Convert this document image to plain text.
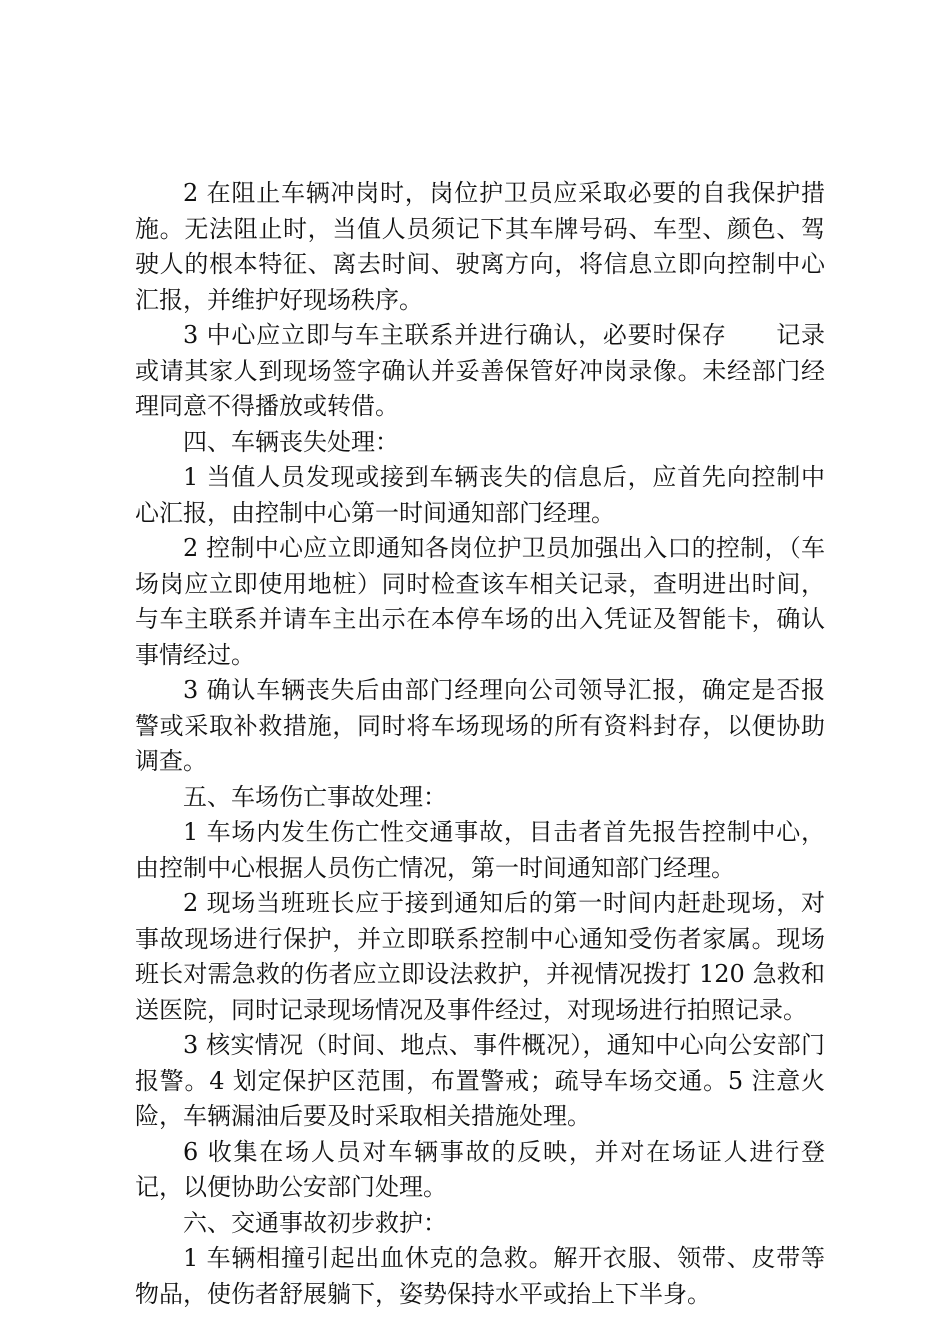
2 在阻止车辆冲岗时，岗位护卫员应采取必要的自我保护措施。无法阻止时，当值人员须记下其车牌号码、车型、颜色、驾驶人的根本特征、离去时间、驶离方向，将信息立即向控制中心汇报，并维护好现场秩序。

3 中心应立即与车主联系并进行确认，必要时保存　　记录或请其家人到现场签字确认并妥善保管好冲岗录像。未经部门经理同意不得播放或转借。

四、车辆丧失处理：

1 当值人员发现或接到车辆丧失的信息后，应首先向控制中心汇报，由控制中心第一时间通知部门经理。

2 控制中心应立即通知各岗位护卫员加强出入口的控制，（车场岗应立即使用地桩）同时检查该车相关记录，查明进出时间，与车主联系并请车主出示在本停车场的出入凭证及智能卡，确认事情经过。

3 确认车辆丧失后由部门经理向公司领导汇报，确定是否报警或采取补救措施，同时将车场现场的所有资料封存，以便协助调查。

五、车场伤亡事故处理：

1 车场内发生伤亡性交通事故，目击者首先报告控制中心，由控制中心根据人员伤亡情况，第一时间通知部门经理。

2 现场当班班长应于接到通知后的第一时间内赶赴现场，对事故现场进行保护，并立即联系控制中心通知受伤者家属。现场班长对需急救的伤者应立即设法救护，并视情况拨打 120 急救和送医院，同时记录现场情况及事件经过，对现场进行拍照记录。

3 核实情况（时间、地点、事件概况），通知中心向公安部门报警。4 划定保护区范围，布置警戒；疏导车场交通。5 注意火险，车辆漏油后要及时采取相关措施处理。

6 收集在场人员对车辆事故的反映，并对在场证人进行登记，以便协助公安部门处理。

六、交通事故初步救护：

1 车辆相撞引起出血休克的急救。解开衣服、领带、皮带等物品，使伤者舒展躺下，姿势保持水平或抬上下半身。
